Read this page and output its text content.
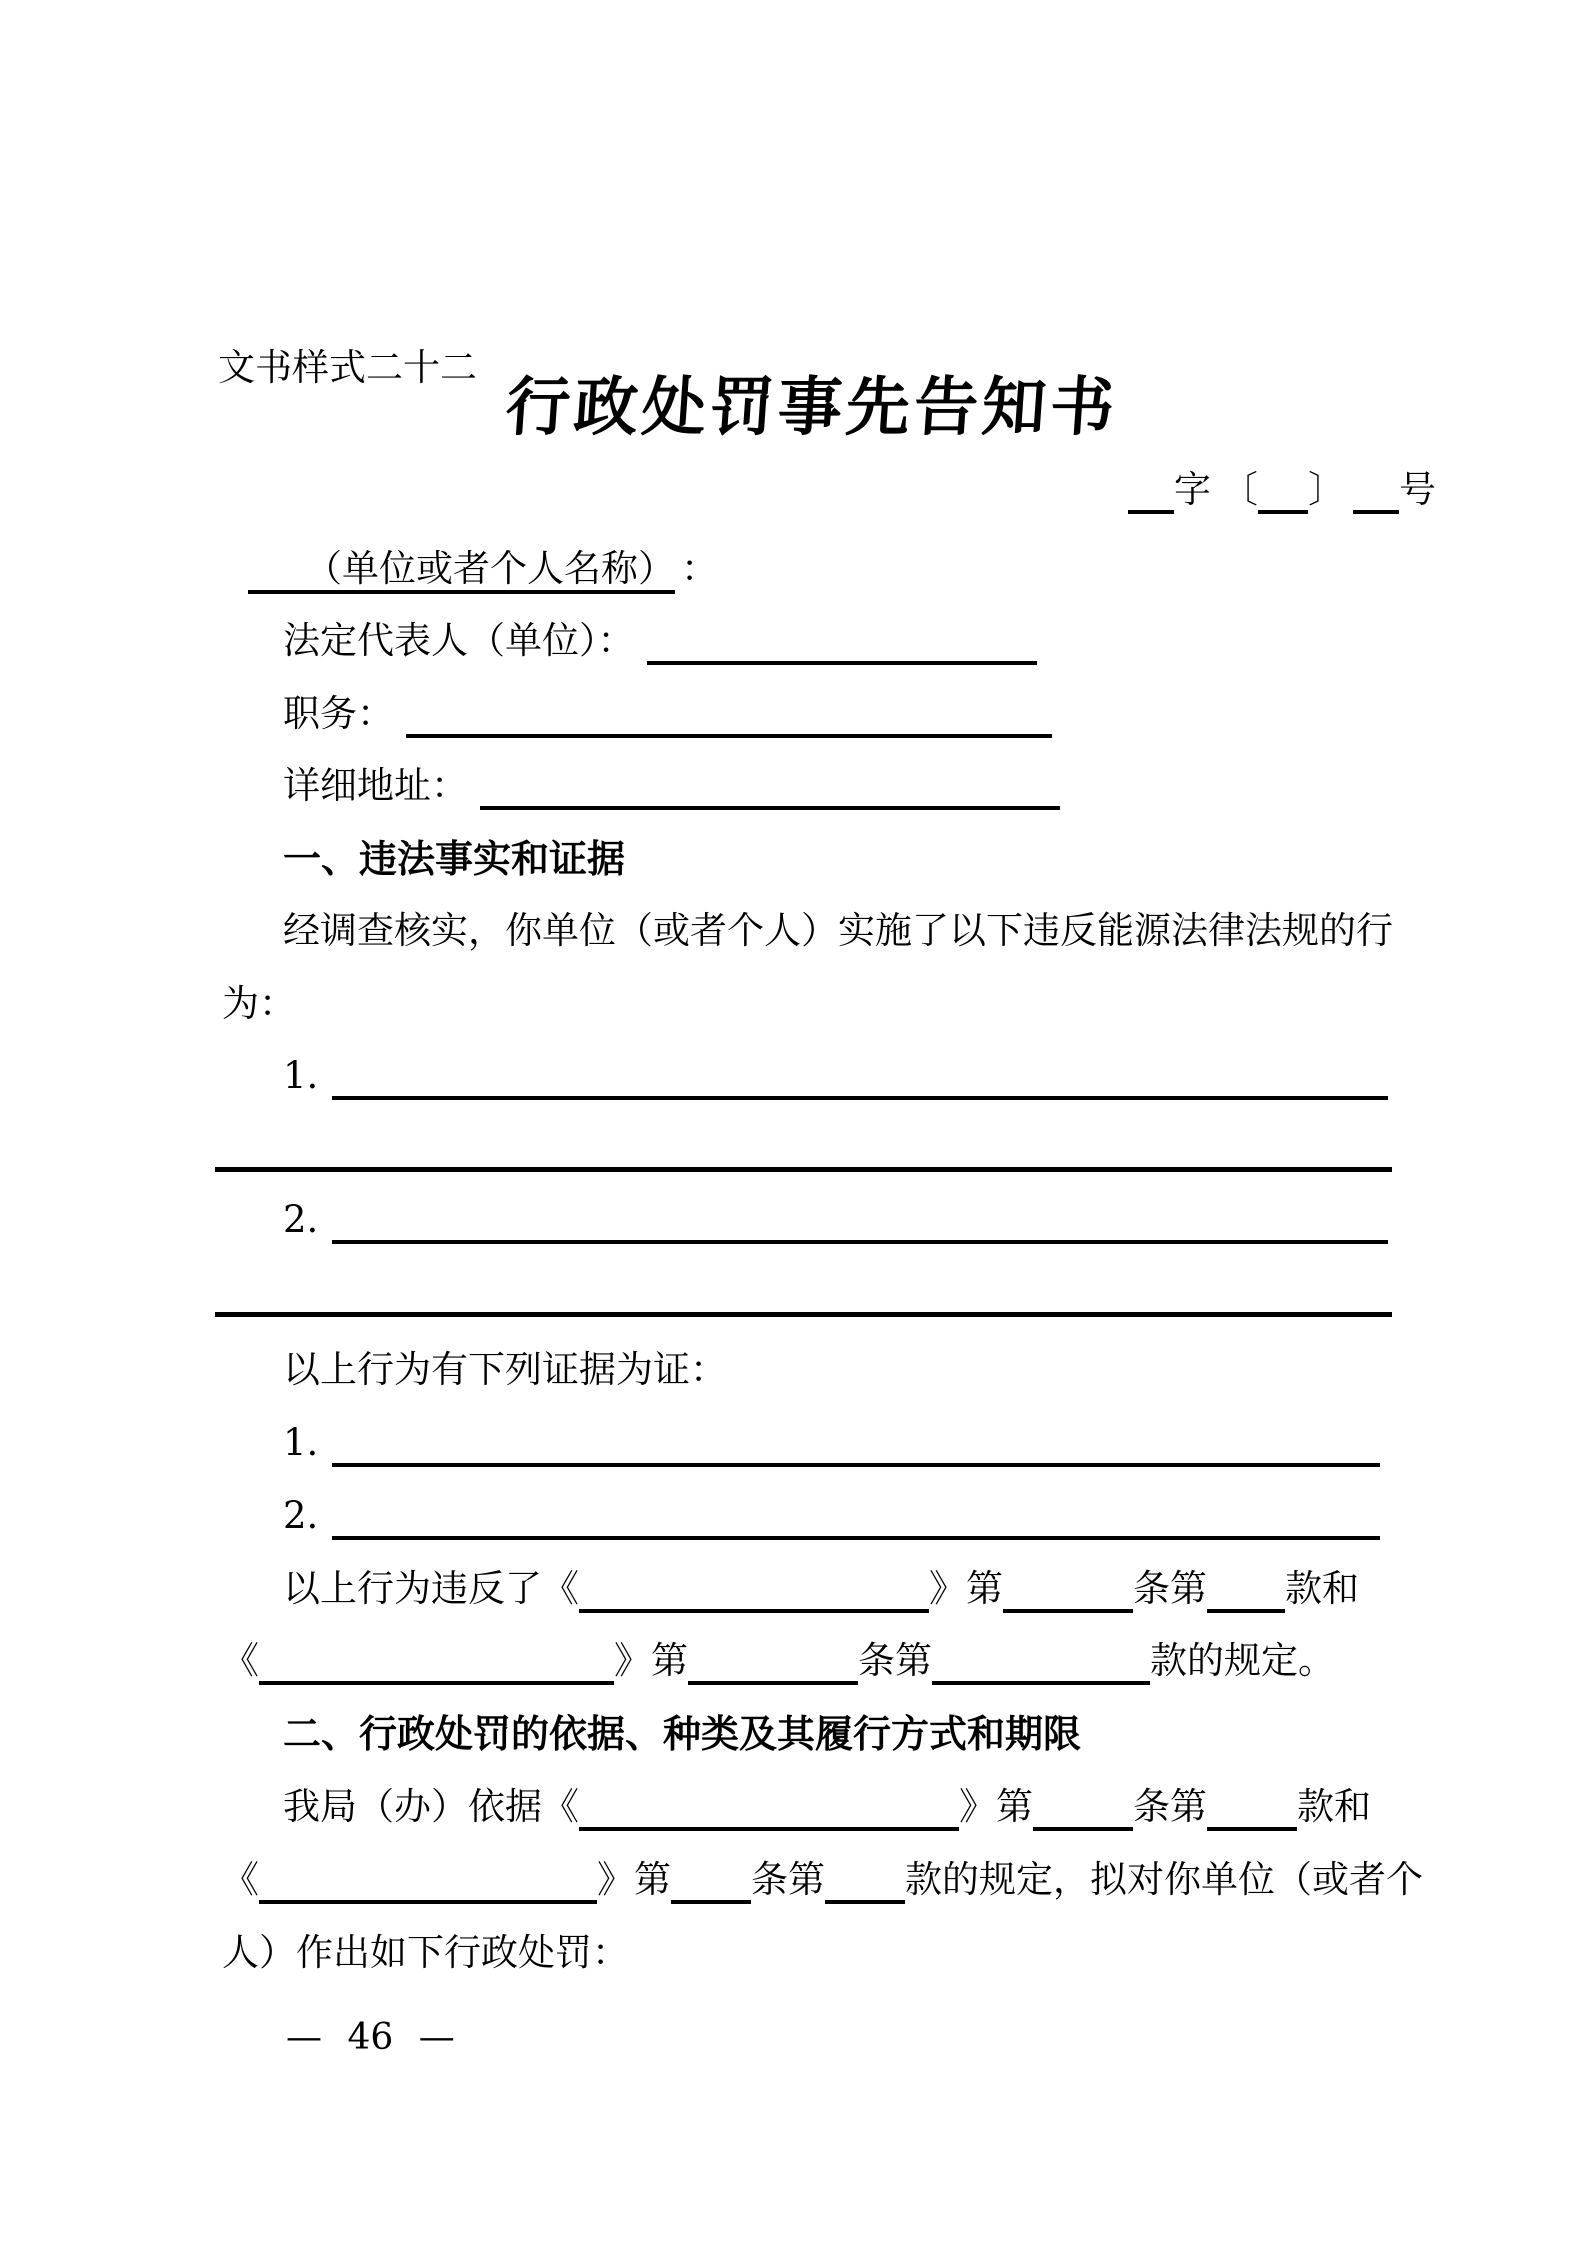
文书样式二十二
行政处罚事先告知书
字 〔 〕 号
（单位或者个人名称） ：
法定代表人（单位）：
职务：
详细地址：
一、违法事实和证据
经调查核实，你单位（或者个人）实施了以下违反能源法律法规的行
为：
1.
2.
以上行为有下列证据为证：
1.
2.
以上行为违反了《	》第	条第 款和
《	》第	条第	款的规定。
二、行政处罚的依据、种类及其履行方式和期限
我局（办）依据《	》第	条第 款和
《	》第 条第 款的规定，拟对你单位（或者个
人）作出如下行政处罚：
— 46 —
